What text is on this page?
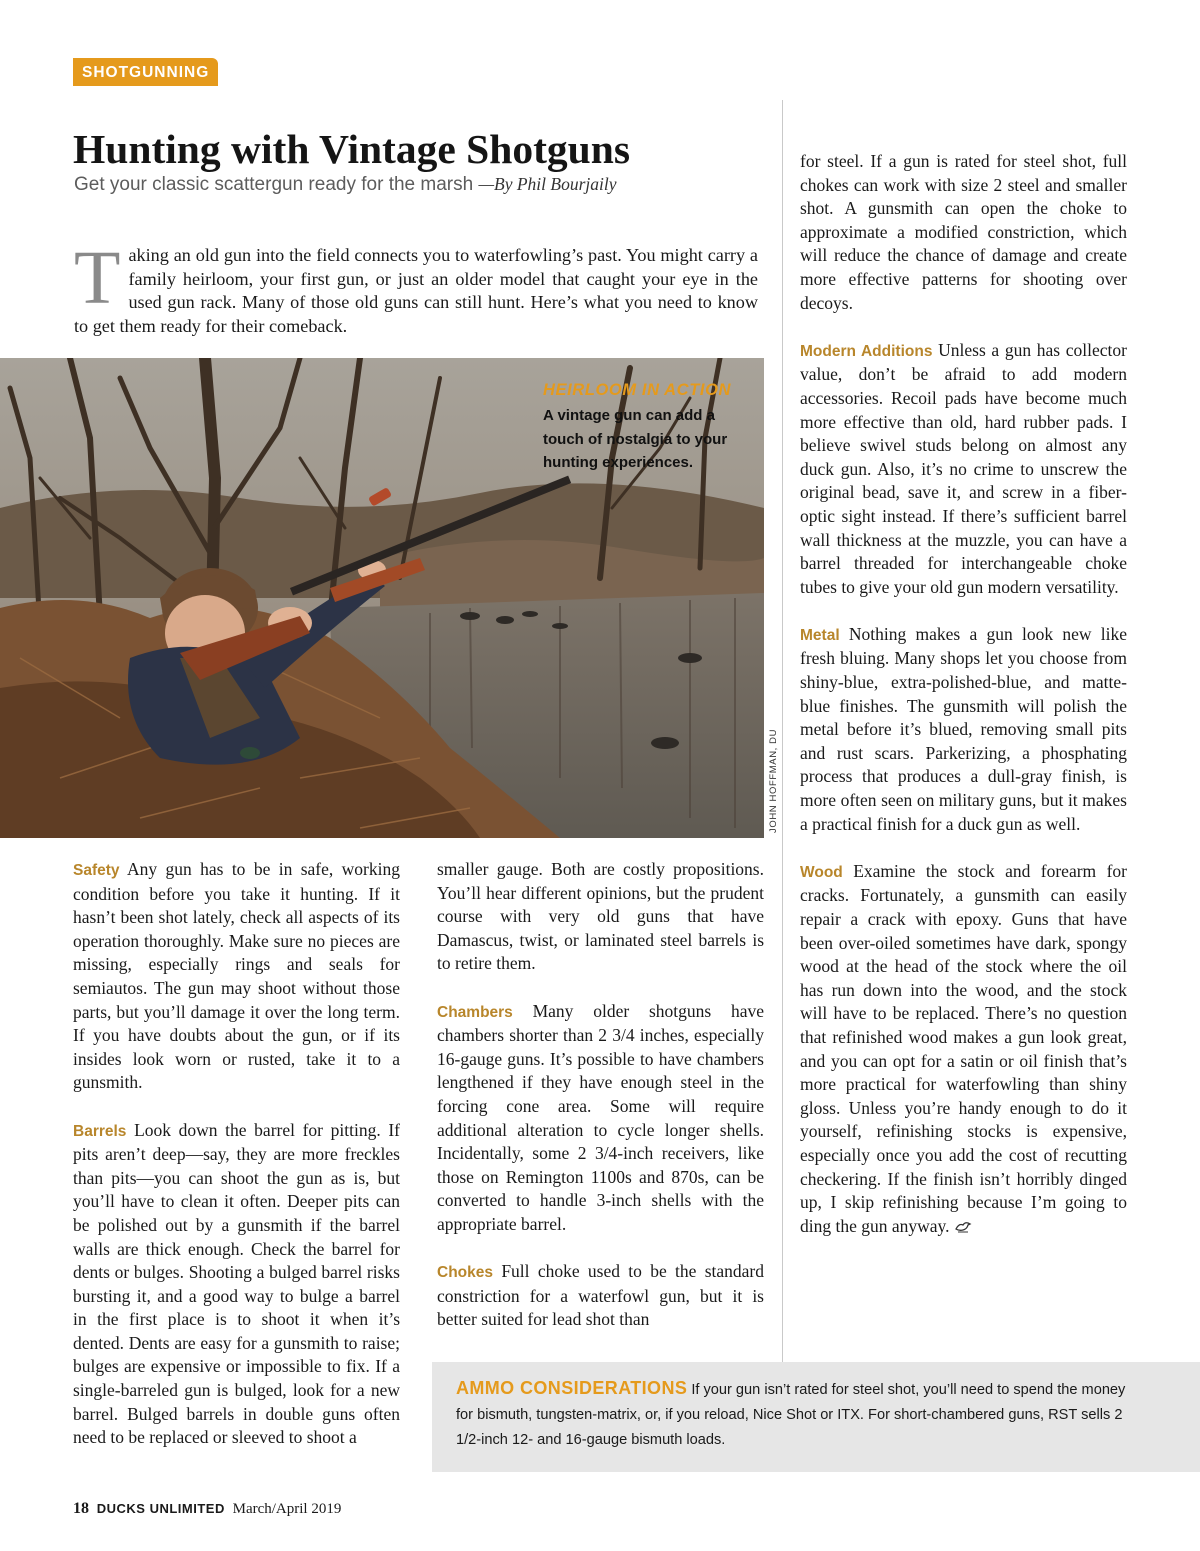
SHOTGUNNING
Hunting with Vintage Shotguns
Get your classic scattergun ready for the marsh —By Phil Bourjaily

Taking an old gun into the field connects you to waterfowling’s past. You might carry a family heirloom, your first gun, or just an older model that caught your eye in the used gun rack. Many of those old guns can still hunt. Here’s what you need to know to get them ready for their comeback.

HEIRLOOM IN ACTION
A vintage gun can add a touch of nostalgia to your hunting experiences.
JOHN HOFFMAN, DU

Safety Any gun has to be in safe, working condition before you take it hunting. If it hasn’t been shot lately, check all aspects of its operation thoroughly. Make sure no pieces are missing, especially rings and seals for semiautos. The gun may shoot without those parts, but you’ll damage it over the long term. If you have doubts about the gun, or if its insides look worn or rusted, take it to a gunsmith.

Barrels Look down the barrel for pitting. If pits aren’t deep—say, they are more freckles than pits—you can shoot the gun as is, but you’ll have to clean it often. Deeper pits can be polished out by a gunsmith if the barrel walls are thick enough. Check the barrel for dents or bulges. Shooting a bulged barrel risks bursting it, and a good way to bulge a barrel in the first place is to shoot it when it’s dented. Dents are easy for a gunsmith to raise; bulges are expensive or impossible to fix. If a single-barreled gun is bulged, look for a new barrel. Bulged barrels in double guns often need to be replaced or sleeved to shoot a

smaller gauge. Both are costly propositions. You’ll hear different opinions, but the prudent course with very old guns that have Damascus, twist, or laminated steel barrels is to retire them.

Chambers Many older shotguns have chambers shorter than 2 3/4 inches, especially 16-gauge guns. It’s possible to have chambers lengthened if they have enough steel in the forcing cone area. Some will require additional alteration to cycle longer shells. Incidentally, some 2 3/4-inch receivers, like those on Remington 1100s and 870s, can be converted to handle 3-inch shells with the appropriate barrel.

Chokes Full choke used to be the standard constriction for a waterfowl gun, but it is better suited for lead shot than

for steel. If a gun is rated for steel shot, full chokes can work with size 2 steel and smaller shot. A gunsmith can open the choke to approximate a modified constriction, which will reduce the chance of damage and create more effective patterns for shooting over decoys.

Modern Additions Unless a gun has collector value, don’t be afraid to add modern accessories. Recoil pads have become much more effective than old, hard rubber pads. I believe swivel studs belong on almost any duck gun. Also, it’s no crime to unscrew the original bead, save it, and screw in a fiber-optic sight instead. If there’s sufficient barrel wall thickness at the muzzle, you can have a barrel threaded for interchangeable choke tubes to give your old gun modern versatility.

Metal Nothing makes a gun look new like fresh bluing. Many shops let you choose from shiny-blue, extra-polished-blue, and matte-blue finishes. The gunsmith will polish the metal before it’s blued, removing small pits and rust scars. Parkerizing, a phosphating process that produces a dull-gray finish, is more often seen on military guns, but it makes a practical finish for a duck gun as well.

Wood Examine the stock and forearm for cracks. Fortunately, a gunsmith can easily repair a crack with epoxy. Guns that have been over-oiled sometimes have dark, spongy wood at the head of the stock where the oil has run down into the wood, and the stock will have to be replaced. There’s no question that refinished wood makes a gun look great, and you can opt for a satin or oil finish that’s more practical for waterfowling than shiny gloss. Unless you’re handy enough to do it yourself, refinishing stocks is expensive, especially once you add the cost of recutting checkering. If the finish isn’t horribly dinged up, I skip refinishing because I’m going to ding the gun anyway.

AMMO CONSIDERATIONS If your gun isn’t rated for steel shot, you’ll need to spend the money for bismuth, tungsten-matrix, or, if you reload, Nice Shot or ITX. For short-chambered guns, RST sells 2 1/2-inch 12- and 16-gauge bismuth loads.
18 DUCKS UNLIMITED March/April 2019
